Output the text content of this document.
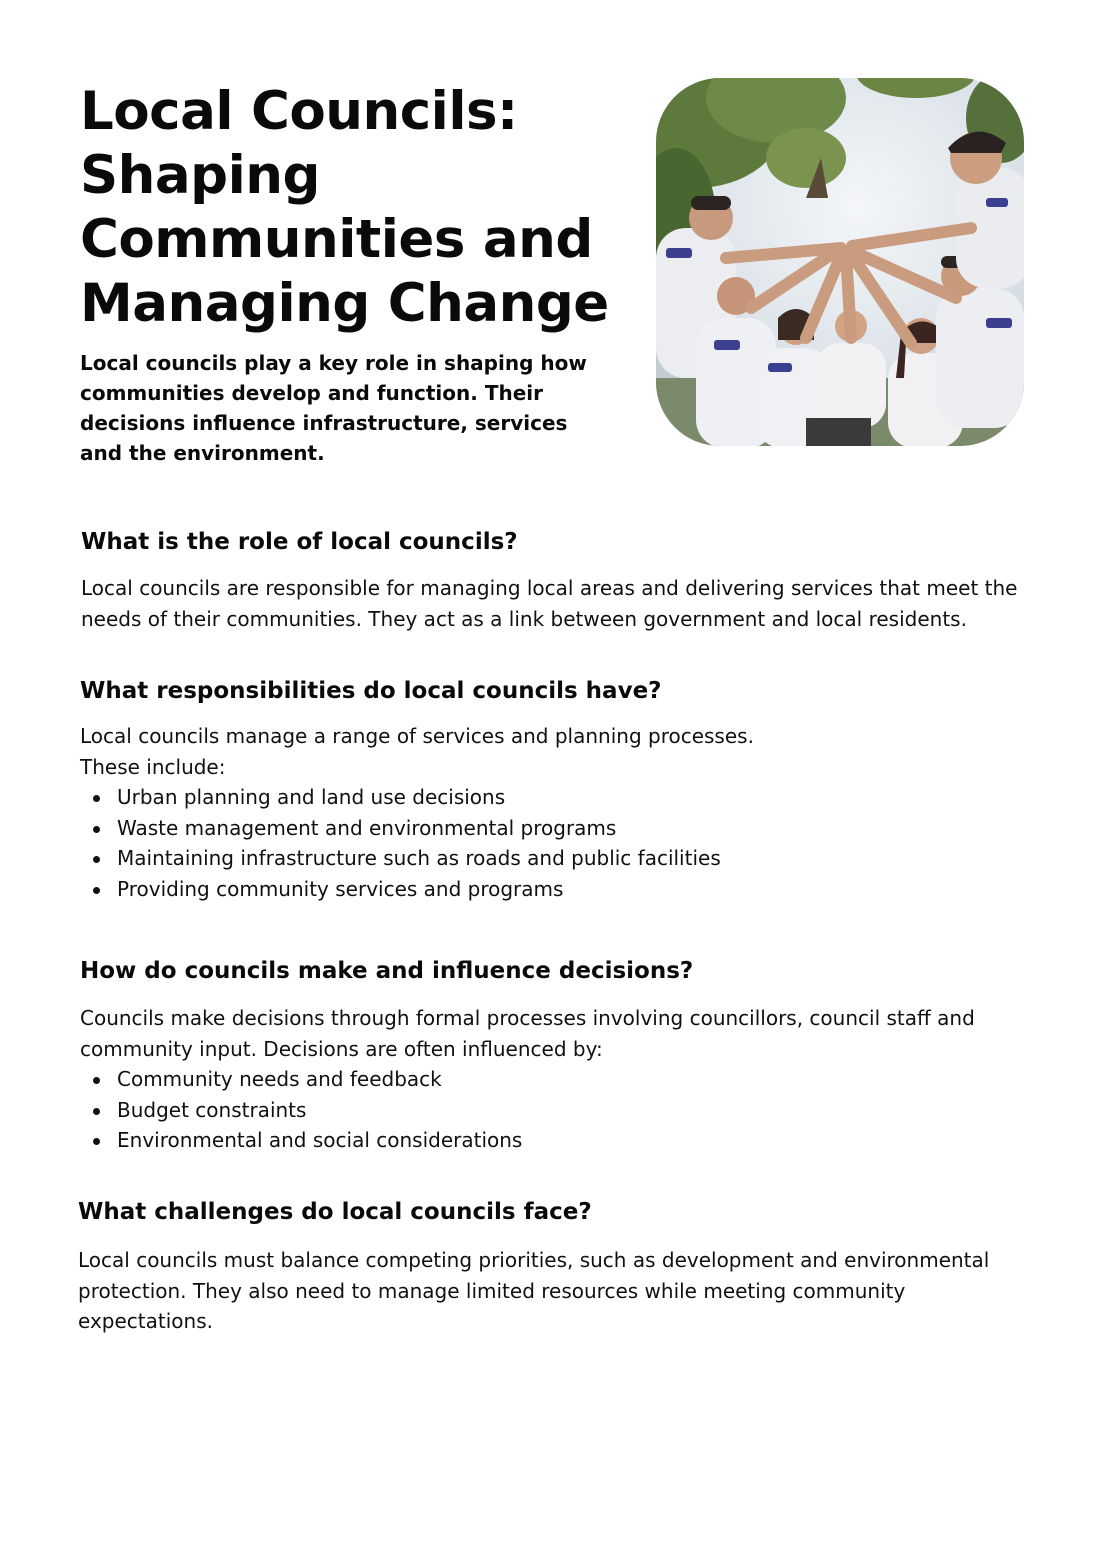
Local Councils:
Shaping
Communities and
Managing Change

Local councils play a key role in shaping how communities develop and function. Their decisions influence infrastructure, services and the environment.

What is the role of local councils?

Local councils are responsible for managing local areas and delivering services that meet the needs of their communities. They act as a link between government and local residents.

What responsibilities do local councils have?

Local councils manage a range of services and planning processes.

These include:

Urban planning and land use decisions
Waste management and environmental programs
Maintaining infrastructure such as roads and public facilities
Providing community services and programs
How do councils make and influence decisions?

Councils make decisions through formal processes involving councillors, council staff and community input. Decisions are often influenced by:

Community needs and feedback
Budget constraints
Environmental and social considerations
What challenges do local councils face?

Local councils must balance competing priorities, such as development and environmental protection. They also need to manage limited resources while meeting community expectations.
